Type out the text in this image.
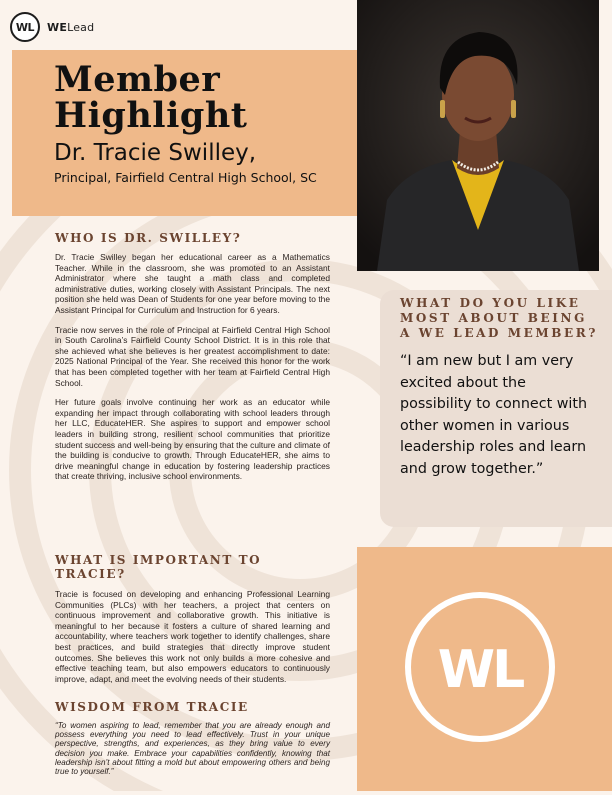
WL WELead
Member
Highlight
Dr. Tracie Swilley,
Principal, Fairfield Central High School, SC
WHO IS DR. SWILLEY?

Dr. Tracie Swilley began her educational career as a Mathematics Teacher. While in the classroom, she was promoted to an Assistant Administrator where she taught a math class and completed administrative duties, working closely with Assistant Principals. The next position she held was Dean of Students for one year before moving to the Assistant Principal for Curriculum and Instruction for 6 years.

Tracie now serves in the role of Principal at Fairfield Central High School in South Carolina’s Fairfield County School District. It is in this role that she achieved what she believes is her greatest accomplishment to date: 2025 National Principal of the Year. She received this honor for the work that has been completed together with her team at Fairfield Central High School.

Her future goals involve continuing her work as an educator while expanding her impact through collaborating with school leaders through her LLC, EducateHER. She aspires to support and empower school leaders in building strong, resilient school communities that prioritize student success and well-being by ensuring that the culture and climate of the building is conducive to growth. Through EducateHER, she aims to drive meaningful change in education by fostering leadership practices that create thriving, inclusive school environments.

WHAT IS IMPORTANT TO TRACIE?

Tracie is focused on developing and enhancing Professional Learning Communities (PLCs) with her teachers, a project that centers on continuous improvement and collaborative growth. This initiative is meaningful to her because it fosters a culture of shared learning and accountability, where teachers work together to identify challenges, share best practices, and build strategies that directly improve student outcomes. She believes this work not only builds a more cohesive and effective teaching team, but also empowers educators to continuously improve, adapt, and meet the evolving needs of their students.

WISDOM FROM TRACIE

“To women aspiring to lead, remember that you are already enough and possess everything you need to lead effectively. Trust in your unique perspective, strengths, and experiences, as they bring value to every decision you make. Embrace your capabilities confidently, knowing that leadership isn’t about fitting a mold but about empowering others and being true to yourself.”

WHAT DO YOU LIKE MOST ABOUT BEING A WE LEAD MEMBER?

“I am new but I am very excited about the possibility to connect with other women in various leadership roles and learn and grow together.”

WL
